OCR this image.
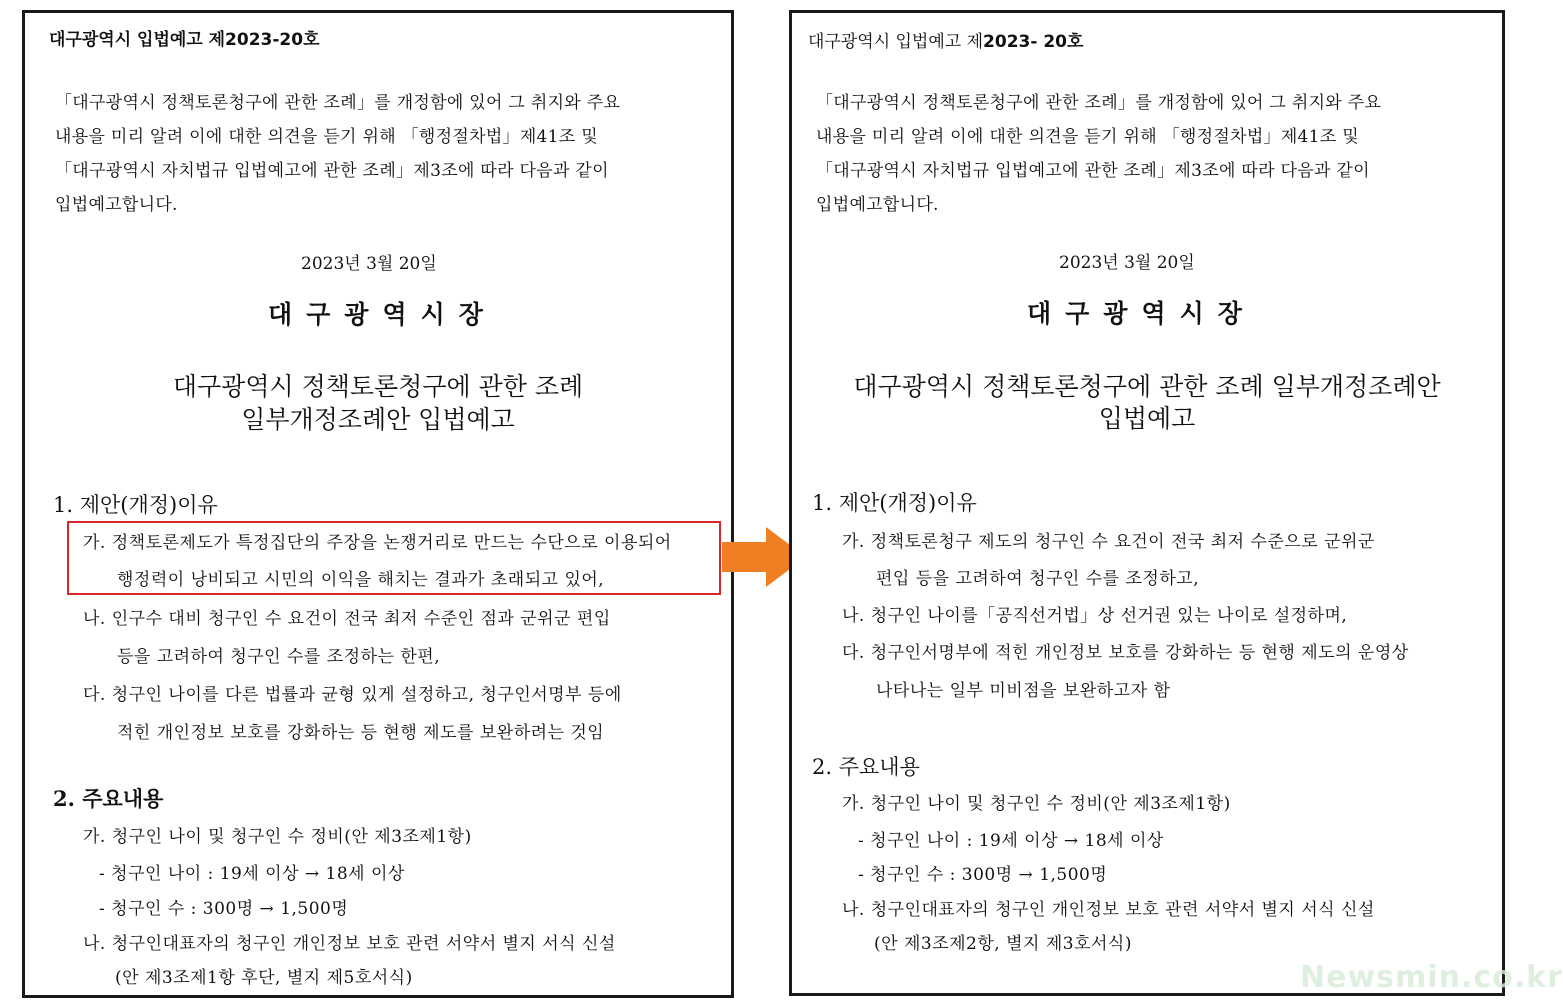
대구광역시 입법예고 제2023-20호
「대구광역시 정책토론청구에 관한 조례」를 개정함에 있어 그 취지와 주요
내용을 미리 알려 이에 대한 의견을 듣기 위해 「행정절차법」제41조 및
「대구광역시 자치법규 입법예고에 관한 조례」제3조에 따라 다음과 같이
입법예고합니다.
2023년 3월 20일
대구광역시장
대구광역시 정책토론청구에 관한 조례
일부개정조례안 입법예고
1. 제안(개정)이유
가. 정책토론제도가 특정집단의 주장을 논쟁거리로 만드는 수단으로 이용되어
행정력이 낭비되고 시민의 이익을 해치는 결과가 초래되고 있어,
나. 인구수 대비 청구인 수 요건이 전국 최저 수준인 점과 군위군 편입
등을 고려하여 청구인 수를 조정하는 한편,
다. 청구인 나이를 다른 법률과 균형 있게 설정하고, 청구인서명부 등에
적힌 개인정보 보호를 강화하는 등 현행 제도를 보완하려는 것임
2. 주요내용
가. 청구인 나이 및 청구인 수 정비(안 제3조제1항)
- 청구인 나이 : 19세 이상 → 18세 이상
- 청구인 수 : 300명 → 1,500명
나. 청구인대표자의 청구인 개인정보 보호 관련 서약서 별지 서식 신설
(안 제3조제1항 후단, 별지 제5호서식)
대구광역시 입법예고 제2023- 20호
「대구광역시 정책토론청구에 관한 조례」를 개정함에 있어 그 취지와 주요
내용을 미리 알려 이에 대한 의견을 듣기 위해 「행정절차법」제41조 및
「대구광역시 자치법규 입법예고에 관한 조례」제3조에 따라 다음과 같이
입법예고합니다.
2023년 3월 20일
대구광역시장
대구광역시 정책토론청구에 관한 조례 일부개정조례안
입법예고
1. 제안(개정)이유
가. 정책토론청구 제도의 청구인 수 요건이 전국 최저 수준으로 군위군
편입 등을 고려하여 청구인 수를 조정하고,
나. 청구인 나이를「공직선거법」상 선거권 있는 나이로 설정하며,
다. 청구인서명부에 적힌 개인정보 보호를 강화하는 등 현행 제도의 운영상
나타나는 일부 미비점을 보완하고자 함
2. 주요내용
가. 청구인 나이 및 청구인 수 정비(안 제3조제1항)
- 청구인 나이 : 19세 이상 → 18세 이상
- 청구인 수 : 300명 → 1,500명
나. 청구인대표자의 청구인 개인정보 보호 관련 서약서 별지 서식 신설
(안 제3조제2항, 별지 제3호서식)
Newsmin.co.kr
